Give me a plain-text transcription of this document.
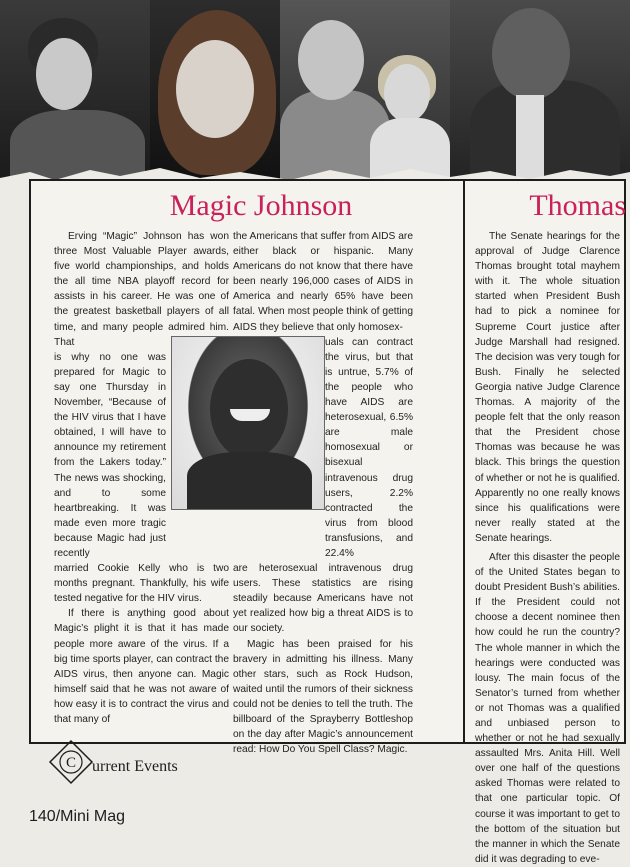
Magic Johnson	Thomas

Erving “Magic” Johnson has won three Most Valuable Player awards, five world championships, and holds the all time NBA playoff record for assists in his career. He was one of the greatest basketball players of all time, and many people admired him. That

is why no one was prepared for Magic to say one Thursday in November, “Because of the HIV virus that I have obtained, I will have to announce my retirement from the Lakers today.” The news was shocking, and to some heartbreaking. It was made even more tragic because Magic had just recently

married Cookie Kelly who is two months pregnant. Thankfully, his wife tested negative for the HIV virus.

If there is anything good about Magic’s plight it is that it has made people more aware of the virus. If a big time sports player, can contract the AIDS virus, then anyone can. Magic himself said that he was not aware of how easy it is to contract the virus and that many of

the Americans that suffer from AIDS are either black or hispanic. Many Americans do not know that there have been nearly 196,000 cases of AIDS in America and nearly 65% have been fatal. When most people think of getting AIDS they believe that only homosex-

uals can contract the virus, but that is untrue, 5.7% of the people who have AIDS are heterosexual, 6.5% are male homosexual or bisexual intravenous drug users, 2.2% contracted the virus from blood transfusions, and 22.4%

are heterosexual intravenous drug users. These statistics are rising steadily because Americans have not yet realized how big a threat AIDS is to our society.

Magic has been praised for his bravery in admitting his illness. Many other stars, such as Rock Hudson, waited until the rumors of their sickness could not be denies to tell the truth. The billboard of the Sprayberry Bottleshop on the day after Magic’s announcement read: How Do You Spell Class? Magic.

The Senate hearings for the approval of Judge Clarence Thomas brought total mayhem with it. The whole situation started when President Bush had to pick a nominee for Supreme Court justice after Judge Marshall had resigned. The decision was very tough for Bush. Finally he selected Georgia native Judge Clarence Thomas. A majority of the people felt that the only reason that the President chose Thomas was because he was black. This brings the question of whether or not he is qualified. Apparently no one really knows since his qualifications were never really stated at the Senate hearings.

After this disaster the people of the United States began to doubt President Bush’s abilities. If the President could not choose a decent nominee then how could he run the country? The whole manner in which the hearings were conducted was lousy. The main focus of the Senator’s turned from whether or not Thomas was a qualified and unbiased person to whether or not he had sexually assaulted Mrs. Anita Hill. Well over one half of the questions asked Thomas were related to that one particular topic. Of course it was important to get to the bottom of the situation but the manner in which the Senate did it was degrading to eve-

C urrent Events
140/Mini Mag
